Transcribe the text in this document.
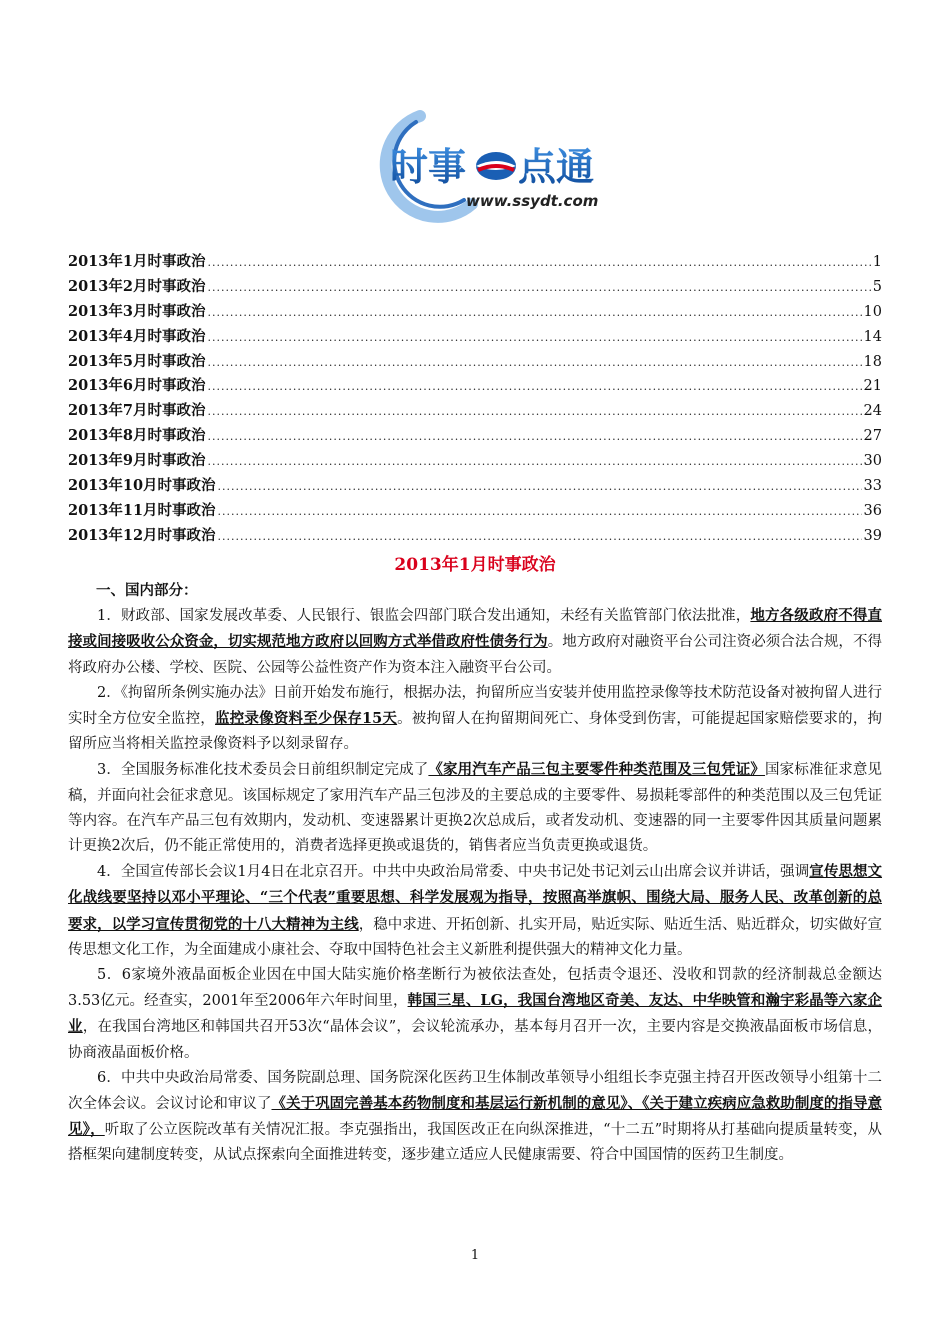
时事 点通
www.ssydt.com
2013年1月时事政治 .....	1
2013年2月时事政治 .....	5
2013年3月时事政治 .....	10
2013年4月时事政治 .....	14
2013年5月时事政治 .....	18
2013年6月时事政治 .....	21
2013年7月时事政治 .....	24
2013年8月时事政治 .....	27
2013年9月时事政治 .....	30
2013年10月时事政治 .....	33
2013年11月时事政治 .....	36
2013年12月时事政治 .....	39
2013年1月时事政治
一、国内部分：

1．财政部、国家发展改革委、人民银行、银监会四部门联合发出通知，未经有关监管部门依法批准，地方各级政府不得直接或间接吸收公众资金，切实规范地方政府以回购方式举借政府性债务行为。地方政府对融资平台公司注资必须合法合规，不得将政府办公楼、学校、医院、公园等公益性资产作为资本注入融资平台公司。

2．《拘留所条例实施办法》日前开始发布施行，根据办法，拘留所应当安装并使用监控录像等技术防范设备对被拘留人进行实时全方位安全监控，监控录像资料至少保存15天。被拘留人在拘留期间死亡、身体受到伤害，可能提起国家赔偿要求的，拘留所应当将相关监控录像资料予以刻录留存。

3．全国服务标准化技术委员会日前组织制定完成了《家用汽车产品三包主要零件种类范围及三包凭证》国家标准征求意见稿，并面向社会征求意见。该国标规定了家用汽车产品三包涉及的主要总成的主要零件、易损耗零部件的种类范围以及三包凭证等内容。在汽车产品三包有效期内，发动机、变速器累计更换2次总成后，或者发动机、变速器的同一主要零件因其质量问题累计更换2次后，仍不能正常使用的，消费者选择更换或退货的，销售者应当负责更换或退货。

4．全国宣传部长会议1月4日在北京召开。中共中央政治局常委、中央书记处书记刘云山出席会议并讲话，强调宣传思想文化战线要坚持以邓小平理论、“三个代表”重要思想、科学发展观为指导，按照高举旗帜、围绕大局、服务人民、改革创新的总要求，以学习宣传贯彻党的十八大精神为主线，稳中求进、开拓创新、扎实开局，贴近实际、贴近生活、贴近群众，切实做好宣传思想文化工作，为全面建成小康社会、夺取中国特色社会主义新胜利提供强大的精神文化力量。

5．6家境外液晶面板企业因在中国大陆实施价格垄断行为被依法查处，包括责令退还、没收和罚款的经济制裁总金额达3.53亿元。经查实，2001年至2006年六年时间里，韩国三星、LG，我国台湾地区奇美、友达、中华映管和瀚宇彩晶等六家企业，在我国台湾地区和韩国共召开53次“晶体会议”，会议轮流承办，基本每月召开一次，主要内容是交换液晶面板市场信息，协商液晶面板价格。

6．中共中央政治局常委、国务院副总理、国务院深化医药卫生体制改革领导小组组长李克强主持召开医改领导小组第十二次全体会议。会议讨论和审议了《关于巩固完善基本药物制度和基层运行新机制的意见》、《关于建立疾病应急救助制度的指导意见》，听取了公立医院改革有关情况汇报。李克强指出，我国医改正在向纵深推进，“十二五”时期将从打基础向提质量转变，从搭框架向建制度转变，从试点探索向全面推进转变，逐步建立适应人民健康需要、符合中国国情的医药卫生制度。

1
